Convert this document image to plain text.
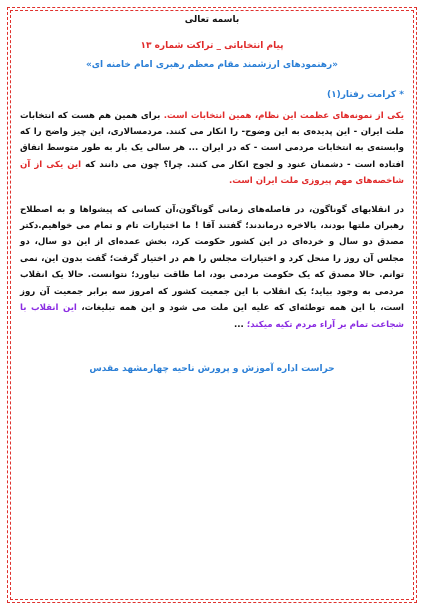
باسمه تعالی
پیام انتخاباتی _ تراکت شماره ۱۳
«رهنمودهای ارزشمند مقام معظم رهبری امام خامنه ای»
* کرامت رفتار(۱)

یکی از نمونه‌های عظمت این نظام، همین انتخابات است. برای همین هم هست که انتخابات ملت ایران - این پدیده‌ی به این وضوح- را انکار می کنند. مردمسالاری، این چیز واضح را که وابسته‌ی به انتخابات مردمی است - که در ایران ... هر سالی یک بار به طور متوسط اتفاق افتاده است - دشمنان عنود و لجوج انکار می کنند. چرا؟ چون می دانند که این یکی از آن شاخصه‌های مهم پیروزی ملت ایران است.

در انقلابهای گوناگون، در فاصله‌های زمانی گوناگون،آن کسانی که پیشواها و به اصطلاح رهبران ملتها بودند، بالاخره درماندند؛ گفتند آقا ! ما اختیارات تام و تمام می خواهیم.دکتر مصدق دو سال و خرده‌ای در این کشور حکومت کرد، بخش عمده‌ای از این دو سال، دو مجلس آن روز را منحل کرد و اختیارات مجلس را هم در اختیار گرفت؛ گفت بدون این، نمی توانم. حالا مصدق که یک حکومت مردمی بود، اما طاقت نیاورد؛ نتوانست. حالا یک انقلاب مردمی به وجود بیاید؛ یک انقلاب با این جمعیت کشور که امروز سه برابر جمعیت آن روز است، با این همه توطئه‌ای که علیه این ملت می شود و این همه تبلیغات، این انقلاب با شجاعت تمام بر آراء مردم تکیه میکند؛ ...

حراست اداره آموزش و پرورش ناحیه چهارمشهد مقدس
